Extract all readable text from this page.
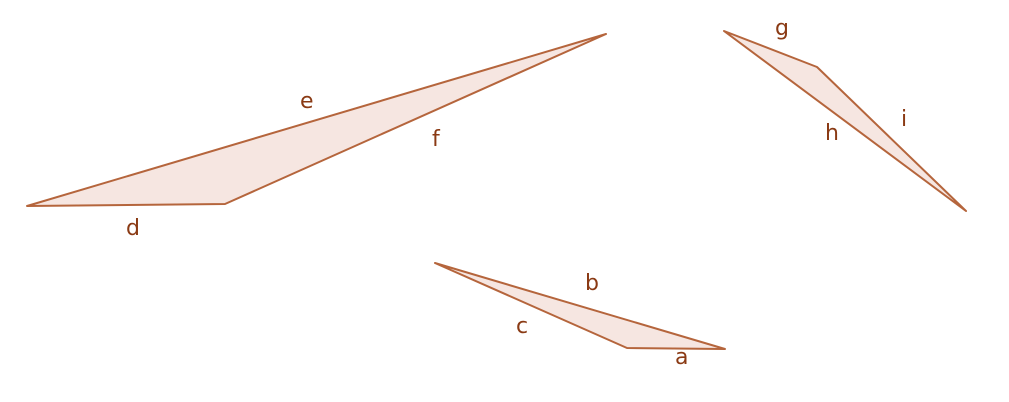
d
e
f
g
h
i
a
b
c
